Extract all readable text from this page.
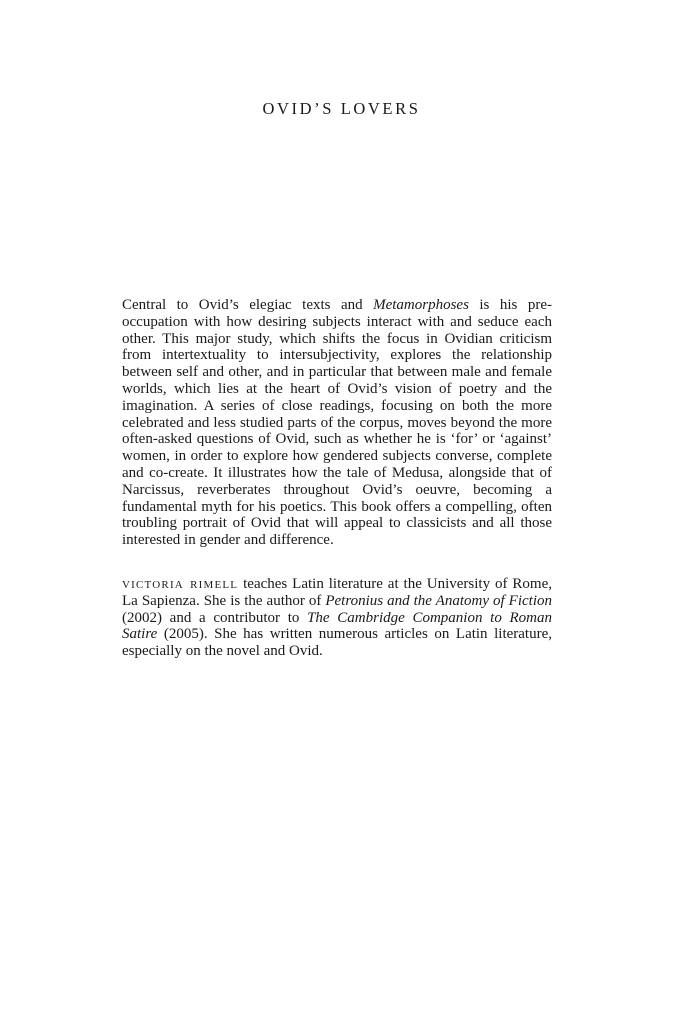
OVID’S LOVERS

Central to Ovid’s elegiac texts and Metamorphoses is his pre-occupation with how desiring subjects interact with and seduce each other. This major study, which shifts the focus in Ovidian criticism from intertextuality to intersubjectivity, explores the relationship between self and other, and in particular that between male and female worlds, which lies at the heart of Ovid’s vision of poetry and the imagination. A series of close readings, focusing on both the more celebrated and less studied parts of the corpus, moves beyond the more often-asked questions of Ovid, such as whether he is ‘for’ or ‘against’ women, in order to explore how gendered subjects converse, complete and co-create. It illustrates how the tale of Medusa, alongside that of Narcissus, reverberates throughout Ovid’s oeuvre, becoming a fundamental myth for his poetics. This book offers a compelling, often troubling portrait of Ovid that will appeal to classicists and all those interested in gender and difference.

victoria rimell teaches Latin literature at the University of Rome, La Sapienza. She is the author of Petronius and the Anatomy of Fiction (2002) and a contributor to The Cambridge Companion to Roman Satire (2005). She has written numerous articles on Latin literature, especially on the novel and Ovid.
